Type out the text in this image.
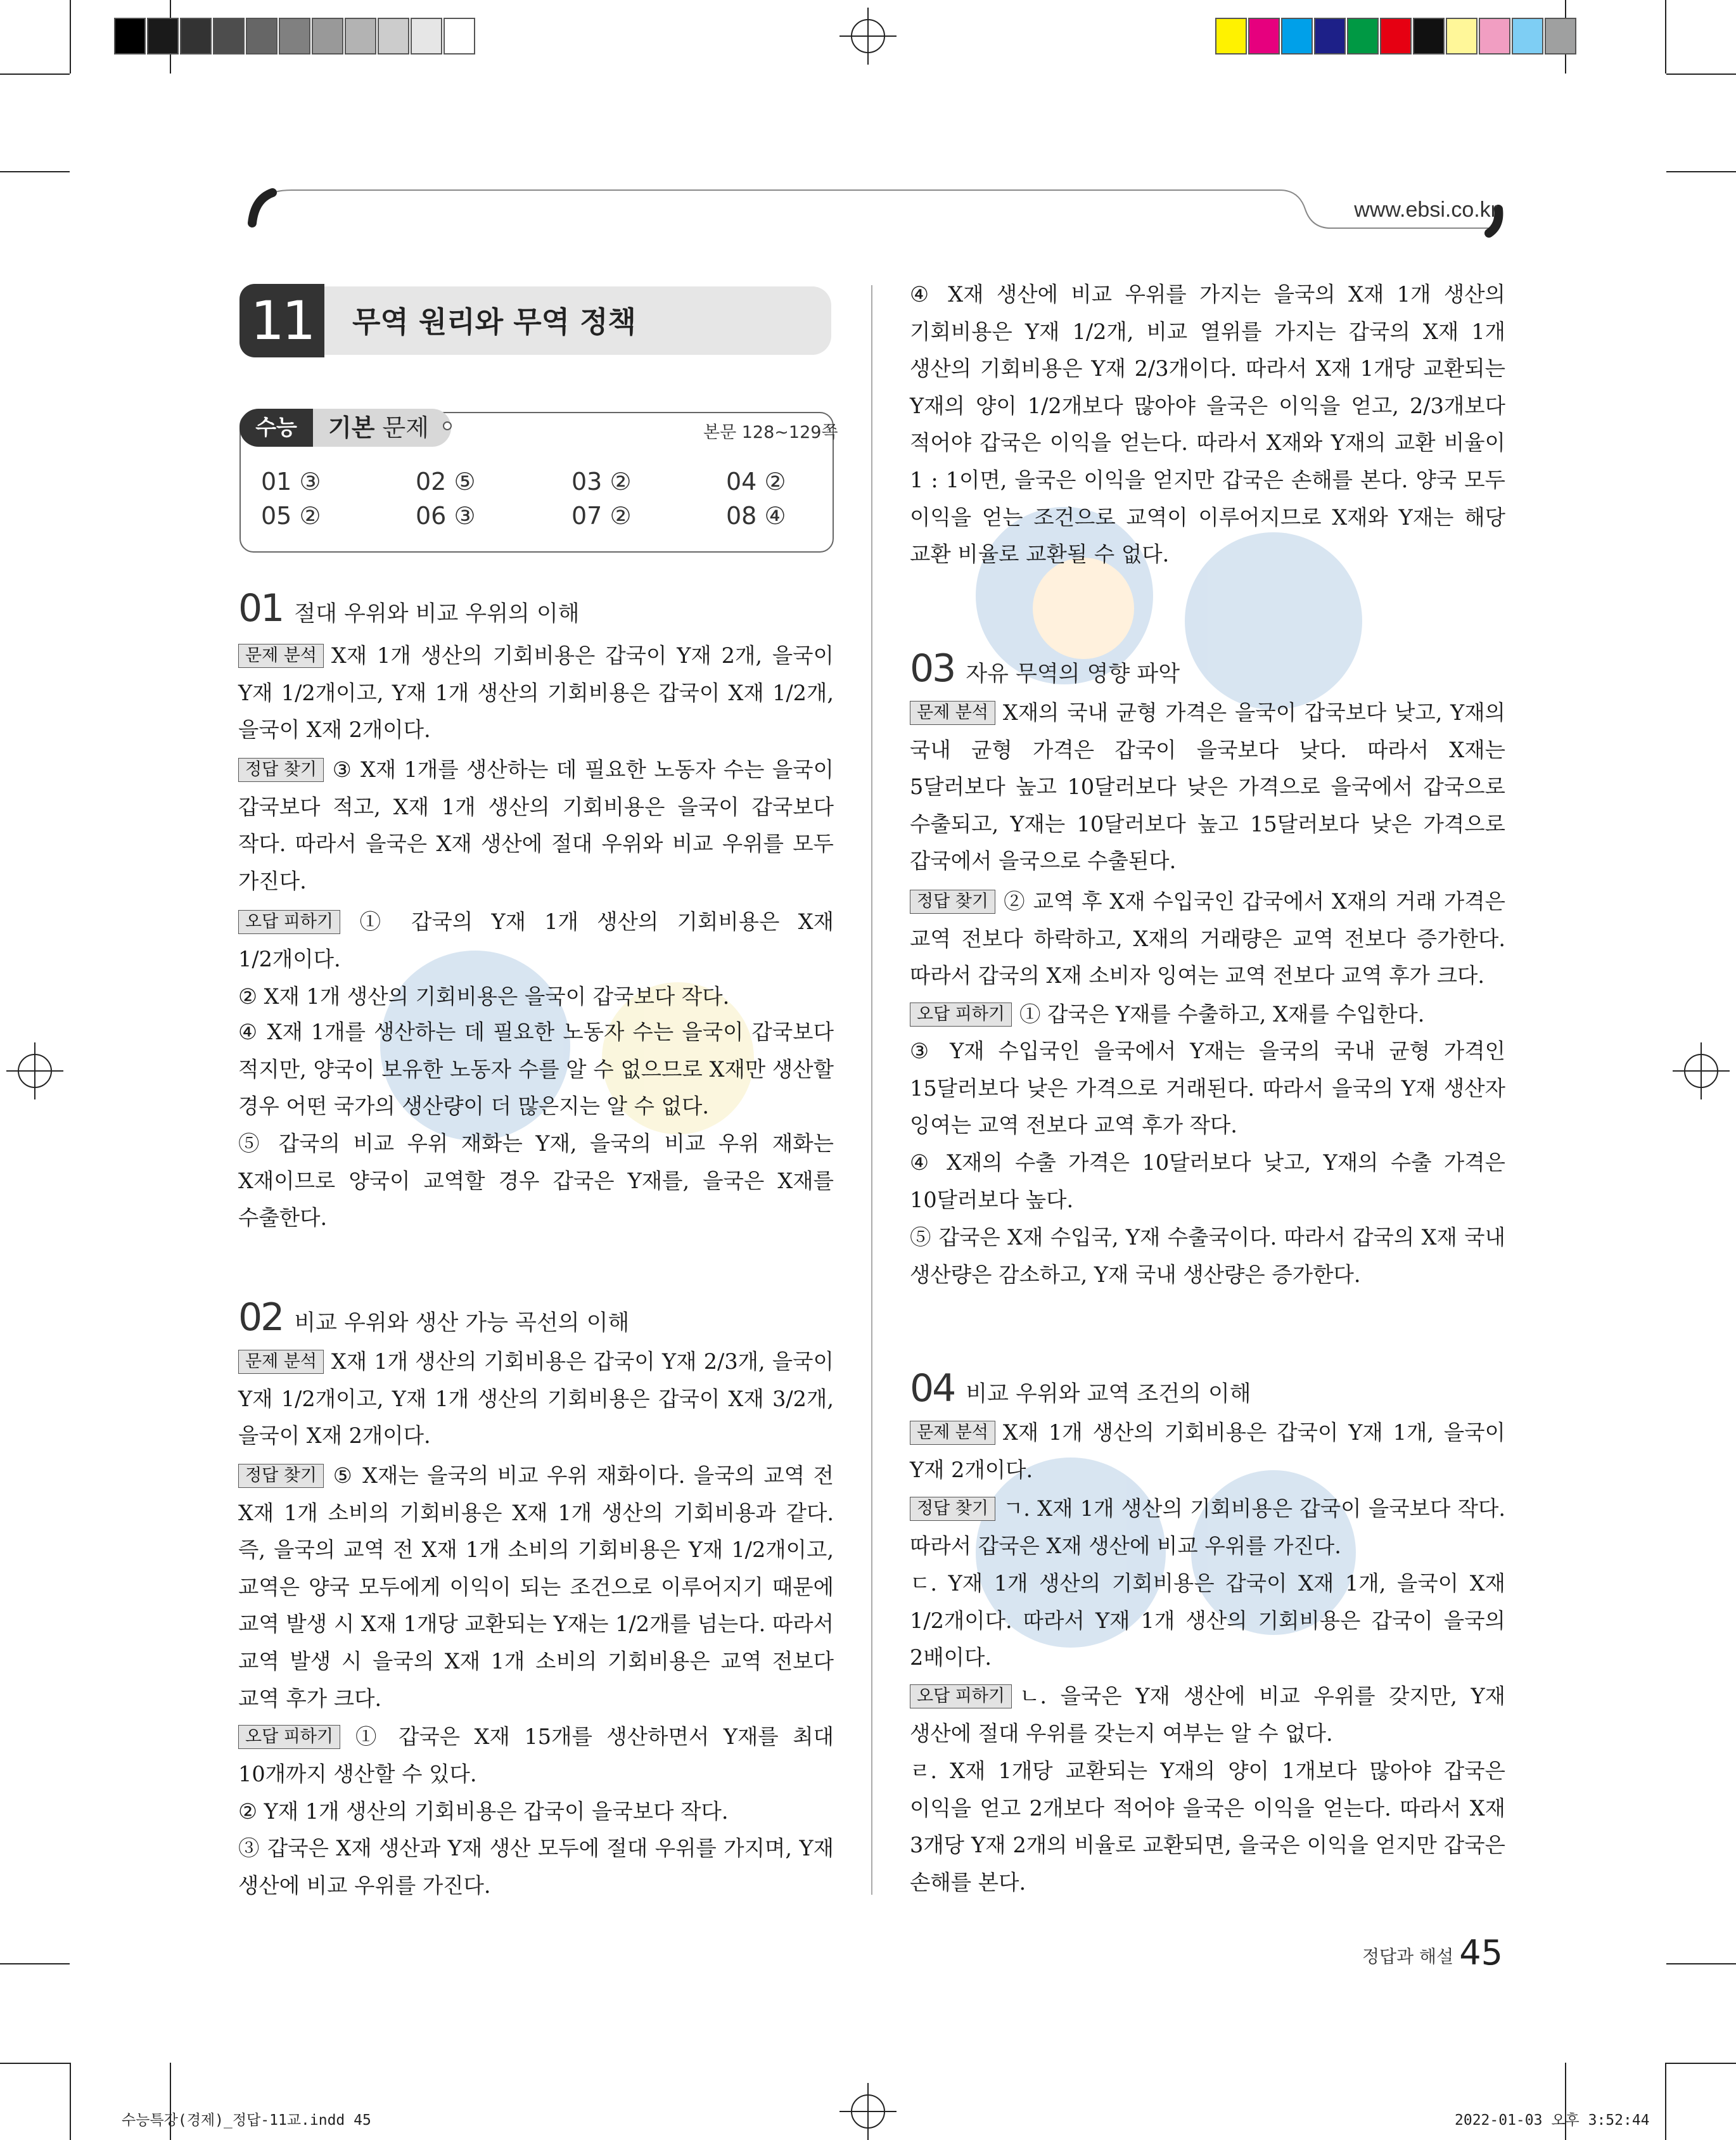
www.ebsi.co.kr
11	무역 원리와 무역 정책
수능	기본 문제	본문 128~129쪽
01 ③	02 ⑤	03 ②	04 ②
05 ②	06 ③	07 ②	08 ④
01 절대 우위와 비교 우위의 이해

문제 분석 X재 1개 생산의 기회비용은 갑국이 Y재 2개, 을국이 Y재 1/2개이고, Y재 1개 생산의 기회비용은 갑국이 X재 1/2개, 을국이 X재 2개이다.

정답 찾기 ③ X재 1개를 생산하는 데 필요한 노동자 수는 을국이 갑국보다 적고, X재 1개 생산의 기회비용은 을국이 갑국보다 작다. 따라서 을국은 X재 생산에 절대 우위와 비교 우위를 모두 가진다.

오답 피하기 ① 갑국의 Y재 1개 생산의 기회비용은 X재 1/2개이다.

② X재 1개 생산의 기회비용은 을국이 갑국보다 작다.

④ X재 1개를 생산하는 데 필요한 노동자 수는 을국이 갑국보다 적지만, 양국이 보유한 노동자 수를 알 수 없으므로 X재만 생산할 경우 어떤 국가의 생산량이 더 많은지는 알 수 없다.

⑤ 갑국의 비교 우위 재화는 Y재, 을국의 비교 우위 재화는 X재이므로 양국이 교역할 경우 갑국은 Y재를, 을국은 X재를 수출한다.

02 비교 우위와 생산 가능 곡선의 이해

문제 분석 X재 1개 생산의 기회비용은 갑국이 Y재 2/3개, 을국이 Y재 1/2개이고, Y재 1개 생산의 기회비용은 갑국이 X재 3/2개, 을국이 X재 2개이다.

정답 찾기 ⑤ X재는 을국의 비교 우위 재화이다. 을국의 교역 전 X재 1개 소비의 기회비용은 X재 1개 생산의 기회비용과 같다. 즉, 을국의 교역 전 X재 1개 소비의 기회비용은 Y재 1/2개이고, 교역은 양국 모두에게 이익이 되는 조건으로 이루어지기 때문에 교역 발생 시 X재 1개당 교환되는 Y재는 1/2개를 넘는다. 따라서 교역 발생 시 을국의 X재 1개 소비의 기회비용은 교역 전보다 교역 후가 크다.

오답 피하기 ① 갑국은 X재 15개를 생산하면서 Y재를 최대 10개까지 생산할 수 있다.

② Y재 1개 생산의 기회비용은 갑국이 을국보다 작다.

③ 갑국은 X재 생산과 Y재 생산 모두에 절대 우위를 가지며, Y재 생산에 비교 우위를 가진다.

④ X재 생산에 비교 우위를 가지는 을국의 X재 1개 생산의 기회비용은 Y재 1/2개, 비교 열위를 가지는 갑국의 X재 1개 생산의 기회비용은 Y재 2/3개이다. 따라서 X재 1개당 교환되는 Y재의 양이 1/2개보다 많아야 을국은 이익을 얻고, 2/3개보다 적어야 갑국은 이익을 얻는다. 따라서 X재와 Y재의 교환 비율이 1 : 1이면, 을국은 이익을 얻지만 갑국은 손해를 본다. 양국 모두 이익을 얻는 조건으로 교역이 이루어지므로 X재와 Y재는 해당 교환 비율로 교환될 수 없다.

03 자유 무역의 영향 파악

문제 분석 X재의 국내 균형 가격은 을국이 갑국보다 낮고, Y재의 국내 균형 가격은 갑국이 을국보다 낮다. 따라서 X재는 5달러보다 높고 10달러보다 낮은 가격으로 을국에서 갑국으로 수출되고, Y재는 10달러보다 높고 15달러보다 낮은 가격으로 갑국에서 을국으로 수출된다.

정답 찾기 ② 교역 후 X재 수입국인 갑국에서 X재의 거래 가격은 교역 전보다 하락하고, X재의 거래량은 교역 전보다 증가한다. 따라서 갑국의 X재 소비자 잉여는 교역 전보다 교역 후가 크다.

오답 피하기 ① 갑국은 Y재를 수출하고, X재를 수입한다.

③ Y재 수입국인 을국에서 Y재는 을국의 국내 균형 가격인 15달러보다 낮은 가격으로 거래된다. 따라서 을국의 Y재 생산자 잉여는 교역 전보다 교역 후가 작다.

④ X재의 수출 가격은 10달러보다 낮고, Y재의 수출 가격은 10달러보다 높다.

⑤ 갑국은 X재 수입국, Y재 수출국이다. 따라서 갑국의 X재 국내 생산량은 감소하고, Y재 국내 생산량은 증가한다.

04 비교 우위와 교역 조건의 이해

문제 분석 X재 1개 생산의 기회비용은 갑국이 Y재 1개, 을국이 Y재 2개이다.

정답 찾기 ㄱ. X재 1개 생산의 기회비용은 갑국이 을국보다 작다. 따라서 갑국은 X재 생산에 비교 우위를 가진다.

ㄷ. Y재 1개 생산의 기회비용은 갑국이 X재 1개, 을국이 X재 1/2개이다. 따라서 Y재 1개 생산의 기회비용은 갑국이 을국의 2배이다.

오답 피하기 ㄴ. 을국은 Y재 생산에 비교 우위를 갖지만, Y재 생산에 절대 우위를 갖는지 여부는 알 수 없다.

ㄹ. X재 1개당 교환되는 Y재의 양이 1개보다 많아야 갑국은 이익을 얻고 2개보다 적어야 을국은 이익을 얻는다. 따라서 X재 3개당 Y재 2개의 비율로 교환되면, 을국은 이익을 얻지만 갑국은 손해를 본다.

정답과 해설 45
수능특강(경제)_정답-11교.indd 45	2022-01-03 오후 3:52:44
